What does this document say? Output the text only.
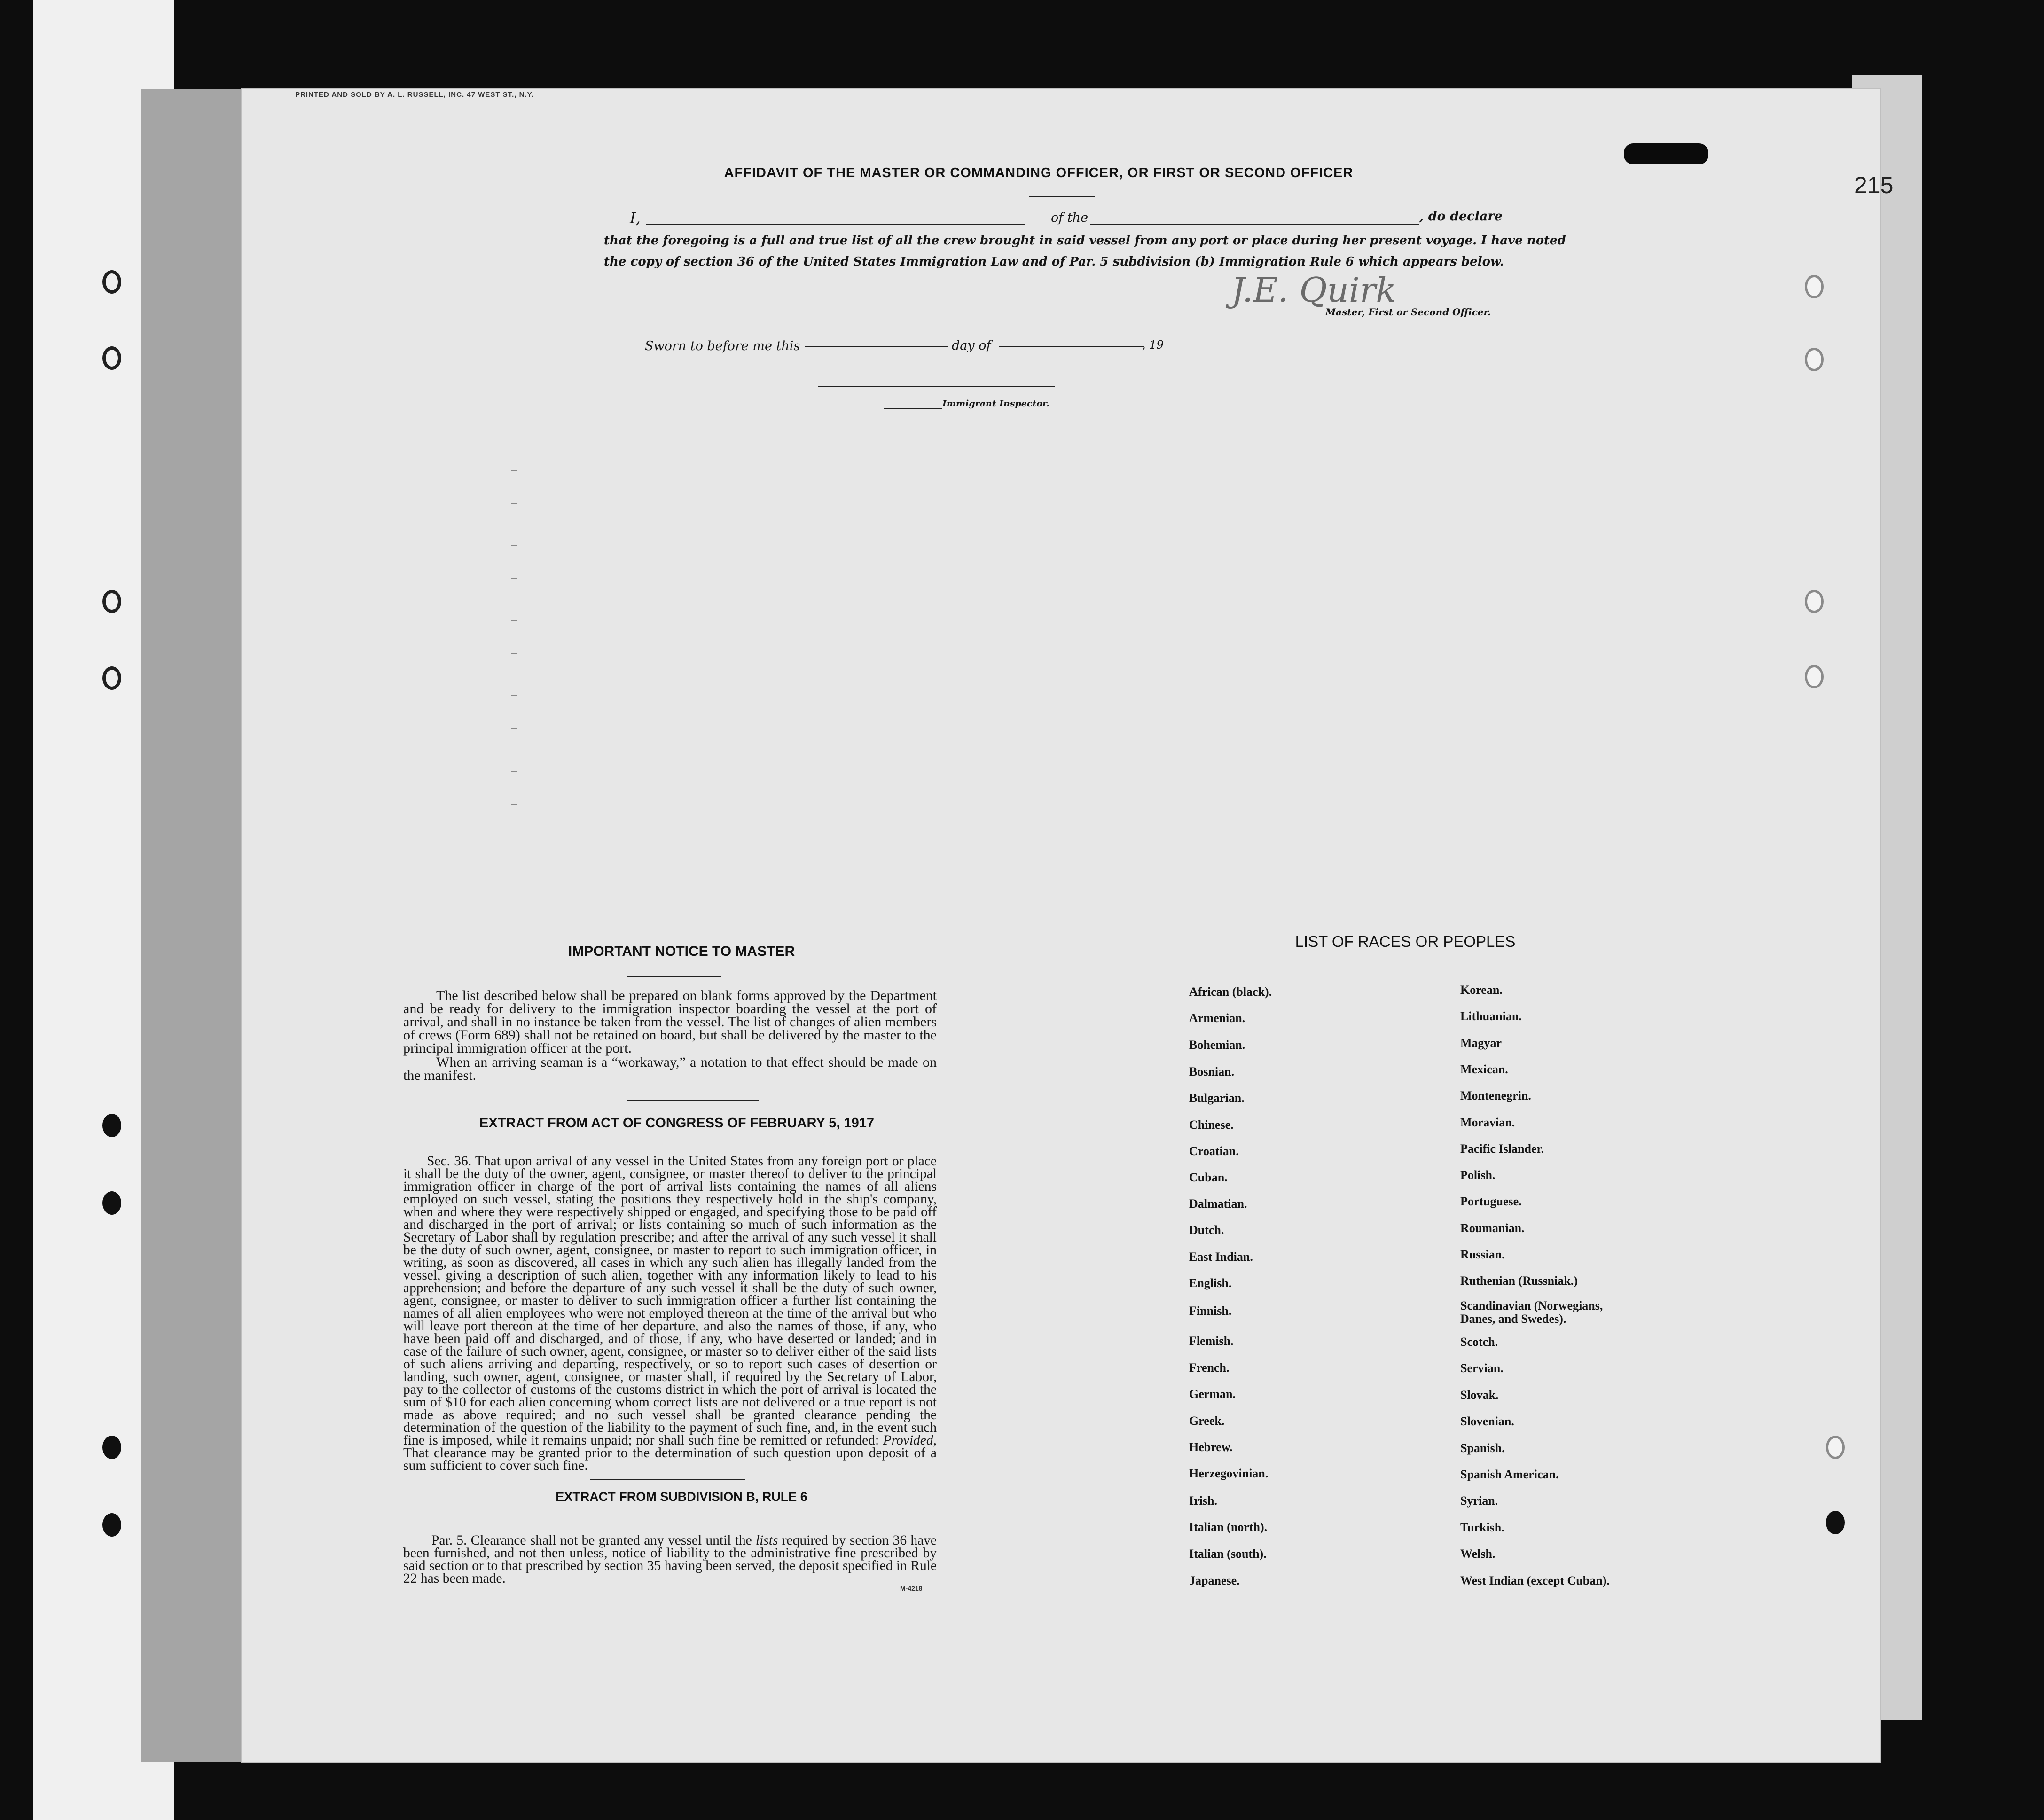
PRINTED AND SOLD BY A. L. RUSSELL, INC. 47 WEST ST., N.Y.
215
AFFIDAVIT OF THE MASTER OR COMMANDING OFFICER, OR FIRST OR SECOND OFFICER
I,	of the	, do declare
that the foregoing is a full and true list of all the crew brought in said vessel from any port or place during her present voyage. I have noted
the copy of section 36 of the United States Immigration Law and of Par. 5 subdivision (b) Immigration Rule 6 which appears below.
J.E. Quirk
Master, First or Second Officer.
Sworn to before me this	day of	, 19
Immigrant Inspector.
IMPORTANT NOTICE TO MASTER
The list described below shall be prepared on blank forms approved by the Department and be ready for delivery to the immigration inspector boarding the vessel at the port of arrival, and shall in no instance be taken from the vessel. The list of changes of alien members of crews (Form 689) shall not be retained on board, but shall be delivered by the master to the principal immigration officer at the port.
When an arriving seaman is a “workaway,” a notation to that effect should be made on the manifest.
EXTRACT FROM ACT OF CONGRESS OF FEBRUARY 5, 1917
Sec. 36. That upon arrival of any vessel in the United States from any foreign port or place it shall be the duty of the owner, agent, consignee, or master thereof to deliver to the principal immigration officer in charge of the port of arrival lists containing the names of all aliens employed on such vessel, stating the positions they respectively hold in the ship's company, when and where they were respectively shipped or engaged, and specifying those to be paid off and discharged in the port of arrival; or lists containing so much of such information as the Secretary of Labor shall by regulation prescribe; and after the arrival of any such vessel it shall be the duty of such owner, agent, consignee, or master to report to such immigration officer, in writing, as soon as discovered, all cases in which any such alien has illegally landed from the vessel, giving a description of such alien, together with any information likely to lead to his apprehension; and before the departure of any such vessel it shall be the duty of such owner, agent, consignee, or master to deliver to such immigration officer a further list containing the names of all alien employees who were not employed thereon at the time of the arrival but who will leave port thereon at the time of her departure, and also the names of those, if any, who have been paid off and discharged, and of those, if any, who have deserted or landed; and in case of the failure of such owner, agent, consignee, or master so to deliver either of the said lists of such aliens arriving and departing, respectively, or so to report such cases of desertion or landing, such owner, agent, consignee, or master shall, if required by the Secretary of Labor, pay to the collector of customs of the customs district in which the port of arrival is located the sum of $10 for each alien concerning whom correct lists are not delivered or a true report is not made as above required; and no such vessel shall be granted clearance pending the determination of the question of the liability to the payment of such fine, and, in the event such fine is imposed, while it remains unpaid; nor shall such fine be remitted or refunded: Provided, That clearance may be granted prior to the determination of such question upon deposit of a sum sufficient to cover such fine.
EXTRACT FROM SUBDIVISION B, RULE 6
Par. 5. Clearance shall not be granted any vessel until the lists required by section 36 have been furnished, and not then unless, notice of liability to the administrative fine prescribed by said section or to that prescribed by section 35 having been served, the deposit specified in Rule 22 has been made.
M-4218
LIST OF RACES OR PEOPLES
African (black).
Armenian.
Bohemian.
Bosnian.
Bulgarian.
Chinese.
Croatian.
Cuban.
Dalmatian.
Dutch.
East Indian.
English.
Finnish.
Flemish.
French.
German.
Greek.
Hebrew.
Herzegovinian.
Irish.
Italian (north).
Italian (south).
Japanese.
Korean.
Lithuanian.
Magyar
Mexican.
Montenegrin.
Moravian.
Pacific Islander.
Polish.
Portuguese.
Roumanian.
Russian.
Ruthenian (Russniak.)
Scandinavian (Norwegians, Danes, and Swedes).
Scotch.
Servian.
Slovak.
Slovenian.
Spanish.
Spanish American.
Syrian.
Turkish.
Welsh.
West Indian (except Cuban).
